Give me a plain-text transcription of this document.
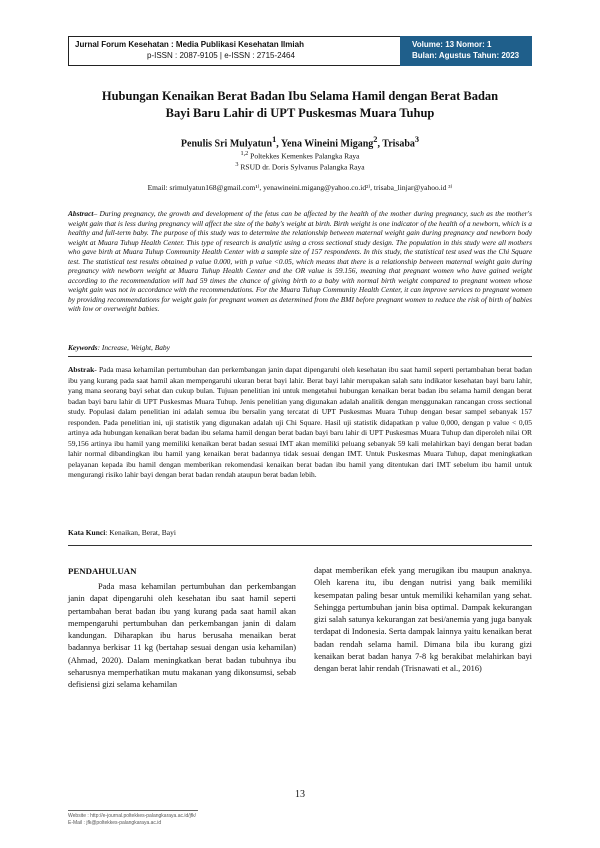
Jurnal Forum Kesehatan : Media Publikasi Kesehatan Ilmiah
p-ISSN : 2087-9105 | e-ISSN : 2715-2464
Volume: 13 Nomor: 1
Bulan: Agustus Tahun: 2023
Hubungan Kenaikan Berat Badan Ibu Selama Hamil dengan Berat Badan
Bayi Baru Lahir di UPT Puskesmas Muara Tuhup
Penulis Sri Mulyatun$^1$, Yena Wineini Migang$^2$, Trisaba$^3$
$^{1,2}$ Poltekkes Kemenkes Palangka Raya
$^3$ RSUD dr. Doris Sylvanus Palangka Raya
Email: srimulyatun168@gmail.com¹⁾, yenawineini.migang@yahoo.co.id²⁾, trisaba_linjar@yahoo.id ³⁾
Abstract– During pregnancy, the growth and development of the fetus can be affected by the health of the mother during pregnancy, such as the mother's weight gain that is less during pregnancy will affect the size of the baby's weight at birth. Birth weight is one indicator of the health of a newborn, which is a healthy and full-term baby. The purpose of this study was to determine the relationship between maternal weight gain during pregnancy and newborn body weight at Muara Tuhup Health Center. This type of research is analytic using a cross sectional study design. The population in this study were all mothers who gave birth at Muara Tuhup Community Health Center with a sample size of 157 respondents. In this study, the statistical test used was the Chi Square test. The statistical test results obtained p value 0.000, with p value <0.05, which means that there is a relationship between maternal weight gain during pregnancy with newborn weight at Muara Tuhup Health Center and the OR value is 59.156, meaning that pregnant women who have gained weight according to the recommendation will had 59 times the chance of giving birth to a baby with normal birth weight compared to pregnant women whose weight gain was not in accordance with the recommendations. For the Muara Tuhup Community Health Center, it can improve services to pregnant women by providing recommendations for weight gain for pregnant women as determined from the BMI before pregnant women to reduce the risk of birth of babies with low or overweight babies.
Keywords: Increase, Weight, Baby
Abstrak- Pada masa kehamilan pertumbuhan dan perkembangan janin dapat dipengaruhi oleh kesehatan ibu saat hamil seperti pertambahan berat badan ibu yang kurang pada saat hamil akan mempengaruhi ukuran berat bayi lahir. Berat bayi lahir merupakan salah satu indikator kesehatan bayi baru lahir, yang mana seorang bayi sehat dan cukup bulan. Tujuan penelitian ini untuk mengetahui hubungan kenaikan berat badan ibu selama hamil dengan berat badan bayi baru lahir di UPT Puskesmas Muara Tuhup. Jenis penelitian yang digunakan adalah analitik dengan menggunakan rancangan cross sectional study. Populasi dalam penelitian ini adalah semua ibu bersalin yang tercatat di UPT Puskesmas Muara Tuhup dengan besar sampel sebanyak 157 responden. Pada penelitian ini, uji statistik yang digunakan adalah uji Chi Square. Hasil uji statistik didapatkan p value 0,000, dengan p value < 0,05 artinya ada hubungan kenaikan berat badan ibu selama hamil dengan berat badan bayi baru lahir di UPT Puskesmas Muara Tuhup dan diperoleh nilai OR 59,156 artinya ibu hamil yang memiliki kenaikan berat badan sesuai IMT akan memiliki peluang sebanyak 59 kali melahirkan bayi dengan berat badan lahir normal dibandingkan ibu hamil yang kenaikan berat badannya tidak sesuai dengan IMT. Untuk Puskesmas Muara Tuhup, dapat meningkatkan pelayanan kepada ibu hamil dengan memberikan rekomendasi kenaikan berat badan ibu hamil yang ditentukan dari IMT sebelum ibu hamil untuk mengurangi risiko lahir bayi dengan berat badan rendah ataupun berat badan lebih.
Kata Kunci: Kenaikan, Berat, Bayi
PENDAHULUAN

Pada masa kehamilan pertumbuhan dan perkembangan janin dapat dipengaruhi oleh kesehatan ibu saat hamil seperti pertambahan berat badan ibu yang kurang pada saat hamil akan mempengaruhi pertumbuhan dan perkembangan janin di dalam kandungan. Diharapkan ibu harus berusaha menaikan berat badannya berkisar 11 kg (bertahap sesuai dengan usia kehamilan) (Ahmad, 2020). Dalam meningkatkan berat badan tubuhnya ibu seharusnya memperhatikan mutu makanan yang dikonsumsi, sebab defisiensi gizi selama kehamilan

dapat memberikan efek yang merugikan ibu maupun anaknya. Oleh karena itu, ibu dengan nutrisi yang baik memiliki kesempatan paling besar untuk memiliki kehamilan yang sehat. Sehingga pertumbuhan janin bisa optimal. Dampak kekurangan gizi salah satunya kekurangan zat besi/anemia yang juga banyak terdapat di Indonesia. Serta dampak lainnya yaitu kenaikan berat badan rendah selama hamil. Dimana bila ibu kurang gizi kenaikan berat badan hanya 7-8 kg berakibat melahirkan bayi dengan berat lahir rendah (Trisnawati et al., 2016)

13
Website : http://e-journal.poltekkes-palangkaraya.ac.id/jfk/
E-Mail : jfk@poltekkes-palangkaraya.ac.id
